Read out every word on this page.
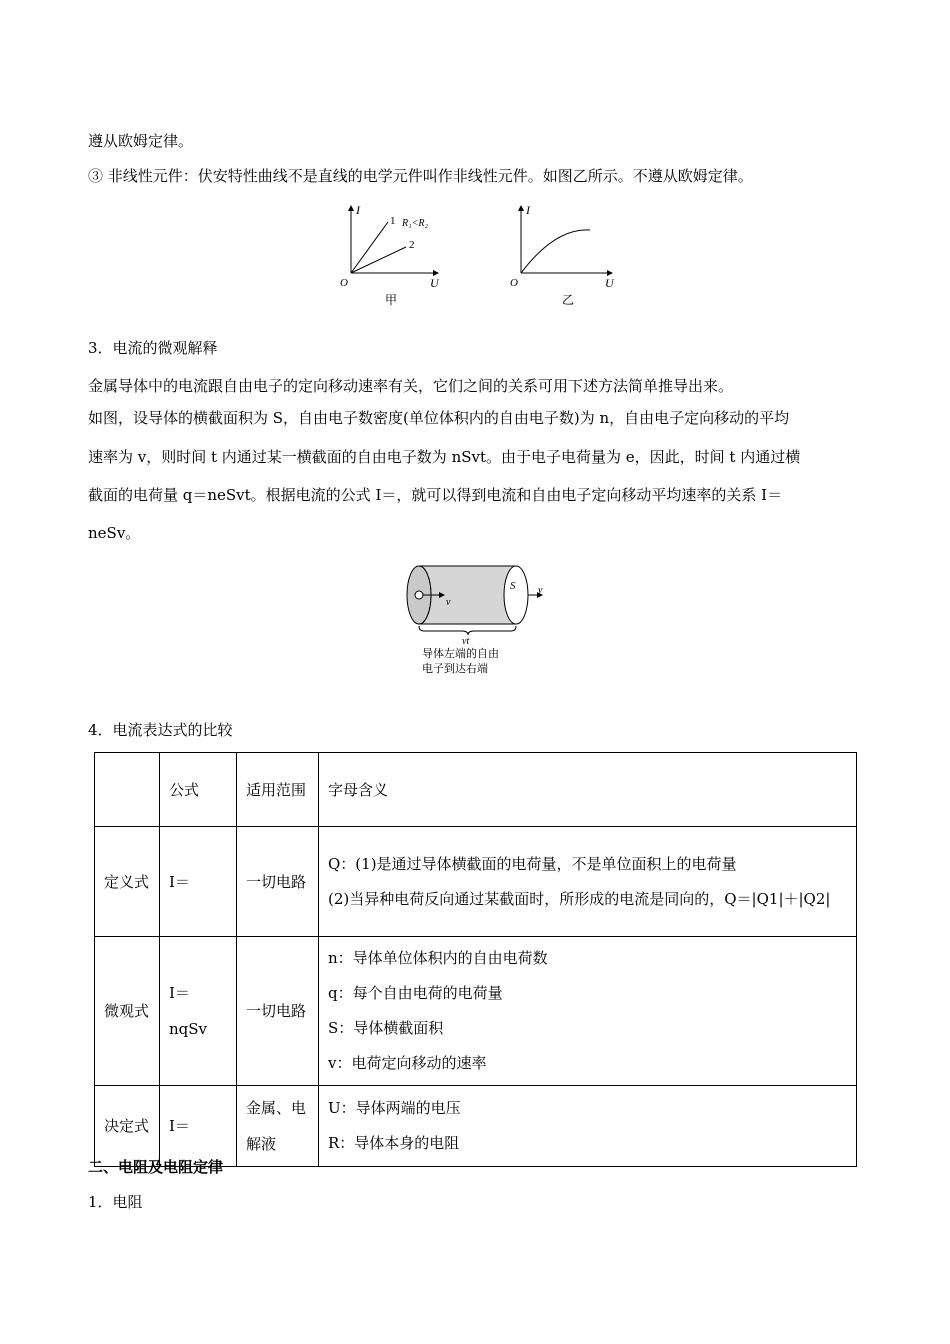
遵从欧姆定律。
③ 非线性元件：伏安特性曲线不是直线的电学元件叫作非线性元件。如图乙所示。不遵从欧姆定律。
I
U
O
1
2
R₁<R₂
甲
I
U
O
乙
3．电流的微观解释
金属导体中的电流跟自由电子的定向移动速率有关，它们之间的关系可用下述方法简单推导出来。
如图，设导体的横截面积为 S，自由电子数密度(单位体积内的自由电子数)为 n，自由电子定向移动的平均
速率为 v，则时间 t 内通过某一横截面的自由电子数为 nSvt。由于电子电荷量为 e，因此，时间 t 内通过横
截面的电荷量 q＝neSvt。根据电流的公式 I＝，就可以得到电流和自由电子定向移动平均速率的关系 I＝
neSv。
v
S v
vt
导体左端的自由
电子到达右端
4．电流表达式的比较
	公式	适用范围	字母含义
定义式	I＝	一切电路	Q：(1)是通过导体横截面的电荷量，不是单位面积上的电荷量
(2)当异种电荷反向通过某截面时，所形成的电流是同向的，Q＝|Q1|＋|Q2|

微观式	I＝nqSv	一切电路	n：导体单位体积内的自由电荷数
q：每个自由电荷的电荷量
S：导体横截面积
v：电荷定向移动的速率

决定式	I＝	金属、电解液	U：导体两端的电压
R：导体本身的电阻
二、电阻及电阻定律
1．电阻
